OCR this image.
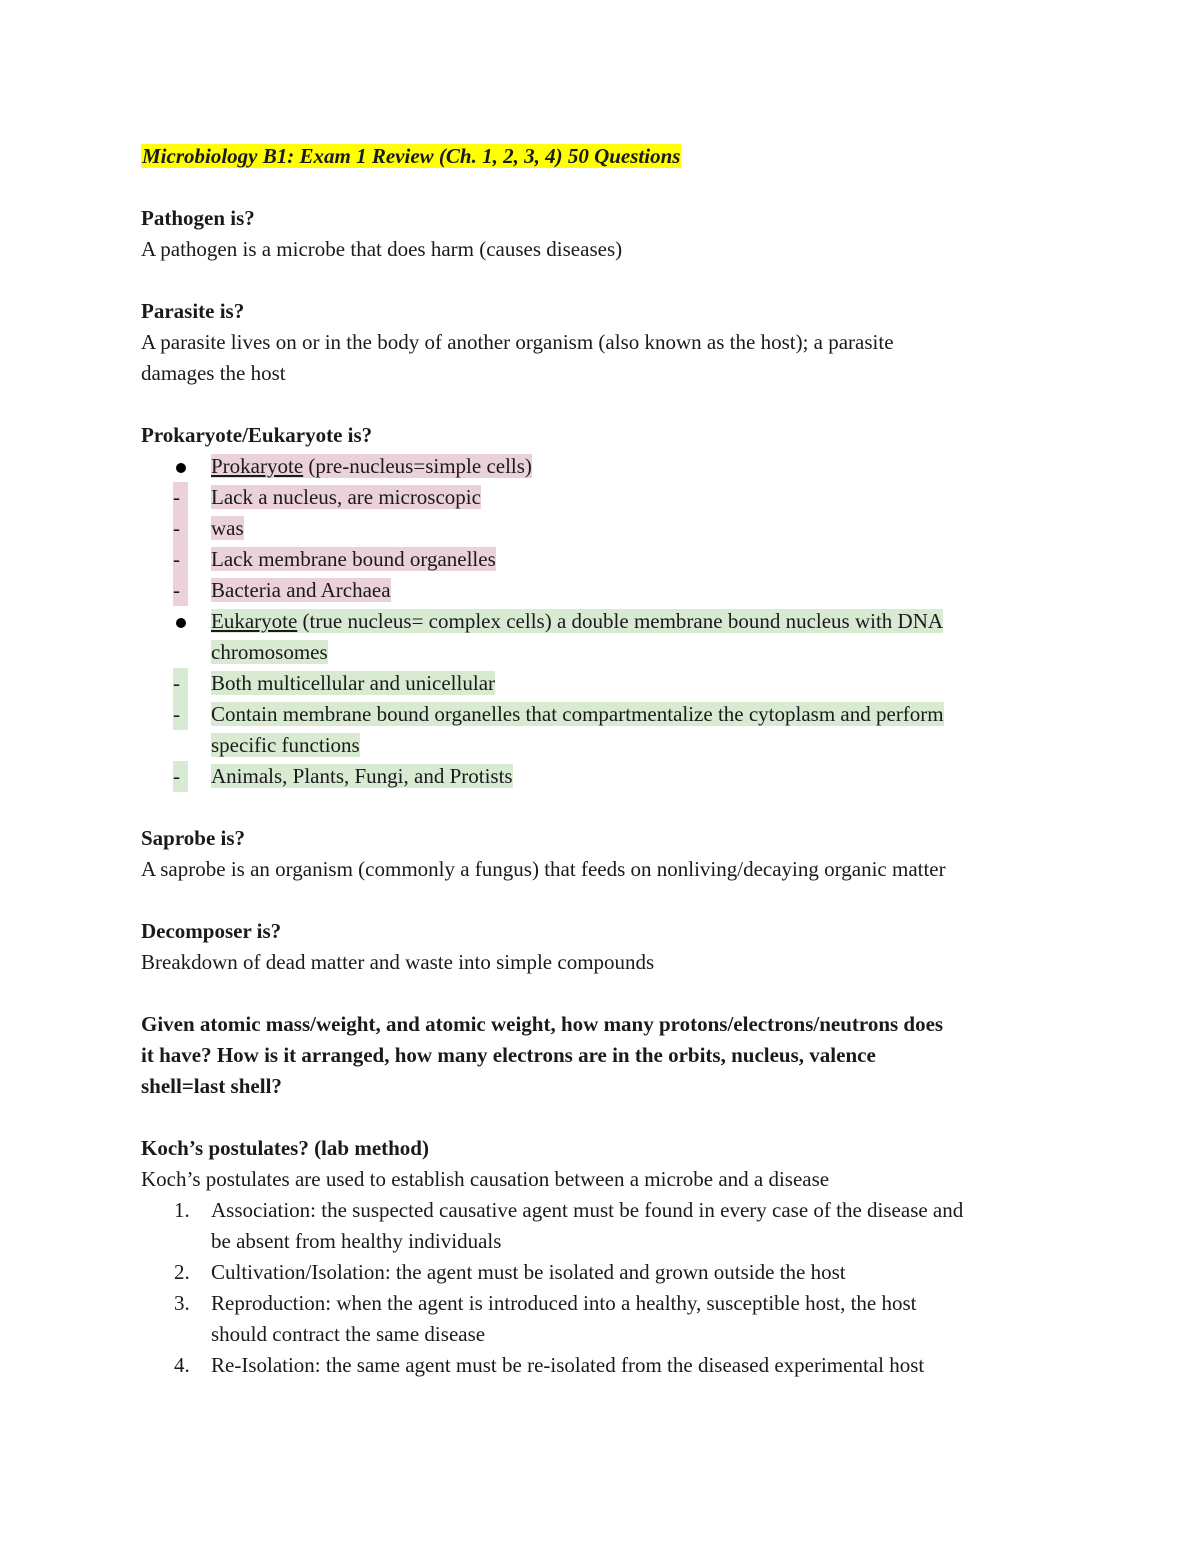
Microbiology B1: Exam 1 Review (Ch. 1, 2, 3, 4) 50 Questions
Pathogen is?
A pathogen is a microbe that does harm (causes diseases)
Parasite is?
A parasite lives on or in the body of another organism (also known as the host); a parasite
damages the host
Prokaryote/Eukaryote is?
Prokaryote (pre-nucleus=simple cells)
-	Lack a nucleus, are microscopic
-	was
-	Lack membrane bound organelles
-	Bacteria and Archaea
Eukaryote (true nucleus= complex cells) a double membrane bound nucleus with DNA
chromosomes
-	Both multicellular and unicellular
-	Contain membrane bound organelles that compartmentalize the cytoplasm and perform
specific functions
-	Animals, Plants, Fungi, and Protists
Saprobe is?
A saprobe is an organism (commonly a fungus) that feeds on nonliving/decaying organic matter
Decomposer is?
Breakdown of dead matter and waste into simple compounds
Given atomic mass/weight, and atomic weight, how many protons/electrons/neutrons does
it have? How is it arranged, how many electrons are in the orbits, nucleus, valence
shell=last shell?
Koch’s postulates? (lab method)
Koch’s postulates are used to establish causation between a microbe and a disease
1. Association: the suspected causative agent must be found in every case of the disease and
be absent from healthy individuals
2. Cultivation/Isolation: the agent must be isolated and grown outside the host
3. Reproduction: when the agent is introduced into a healthy, susceptible host, the host
should contract the same disease
4. Re-Isolation: the same agent must be re-isolated from the diseased experimental host
